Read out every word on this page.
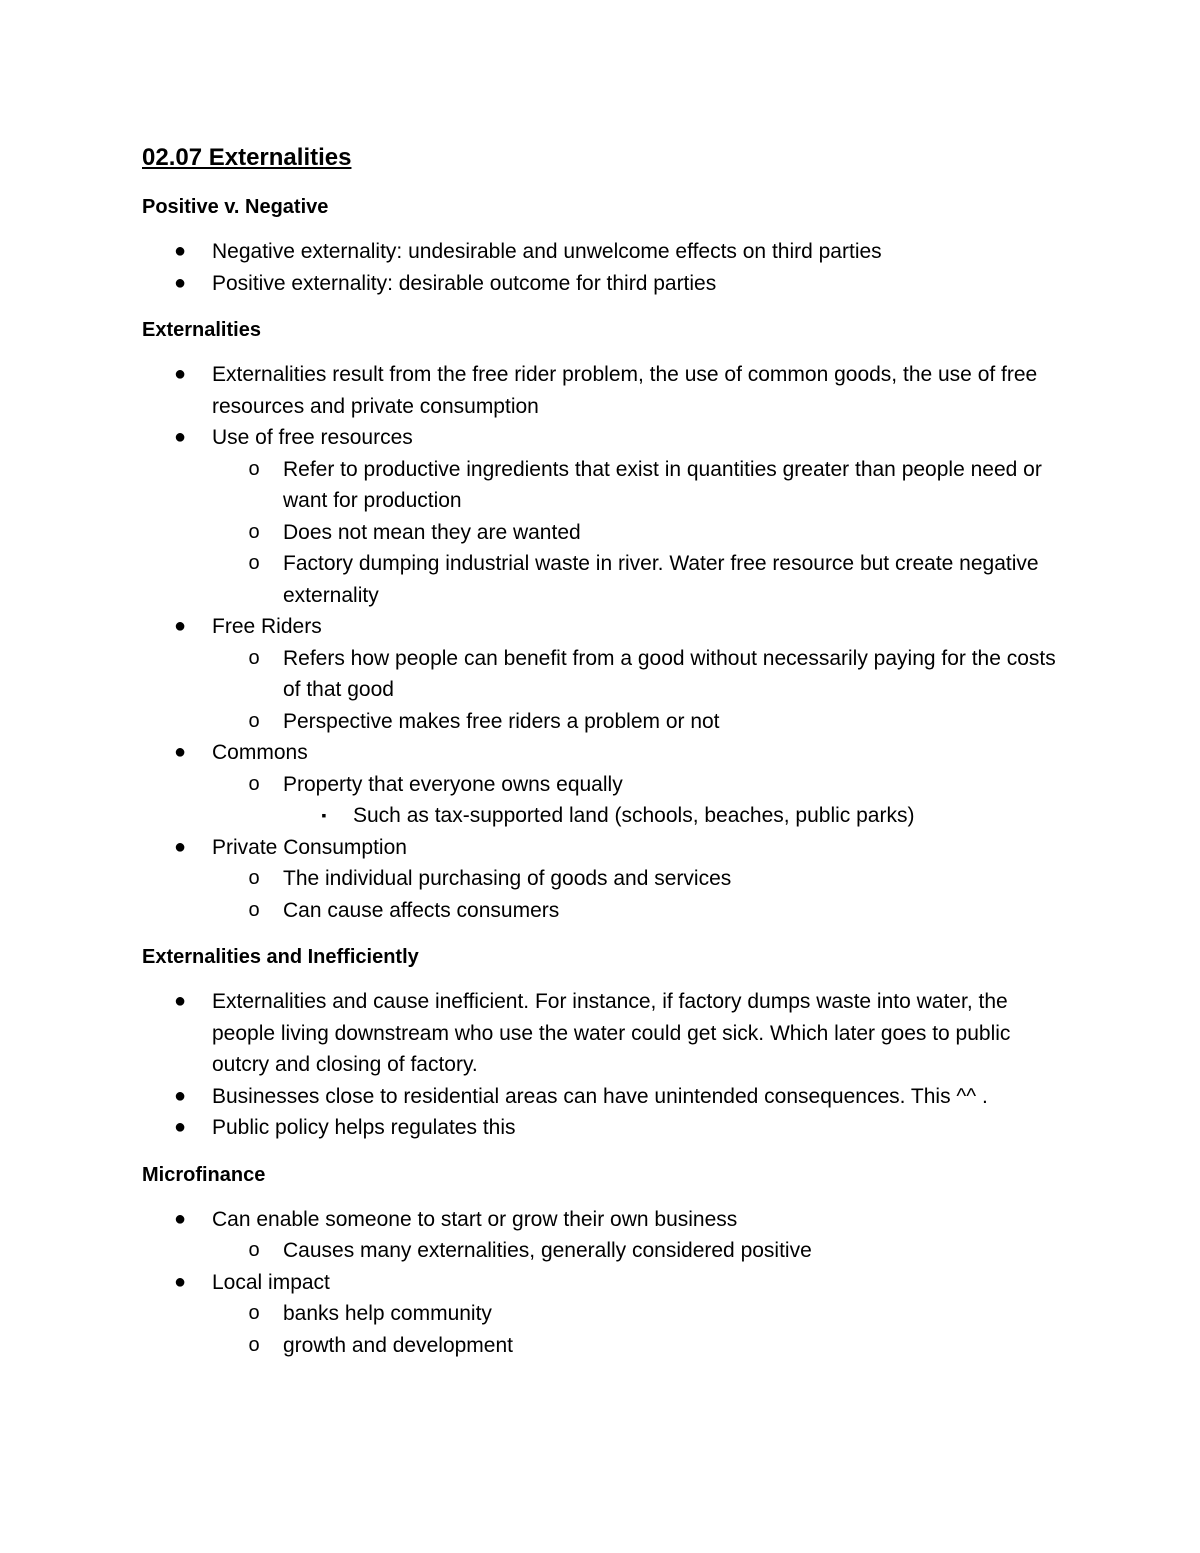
02.07 Externalities
Positive v. Negative
● Negative externality: undesirable and unwelcome effects on third parties
● Positive externality: desirable outcome for third parties
Externalities
● Externalities result from the free rider problem, the use of common goods, the use of free resources and private consumption
● Use of free resources
o Refer to productive ingredients that exist in quantities greater than people need or want for production
o Does not mean they are wanted
o Factory dumping industrial waste in river. Water free resource but create negative externality
● Free Riders
o Refers how people can benefit from a good without necessarily paying for the costs of that good
o Perspective makes free riders a problem or not
● Commons
o Property that everyone owns equally
▪	Such as tax-supported land (schools, beaches, public parks)
● Private Consumption
o The individual purchasing of goods and services
o Can cause affects consumers
Externalities and Inefficiently
● Externalities and cause inefficient. For instance, if factory dumps waste into water, the people living downstream who use the water could get sick. Which later goes to public outcry and closing of factory.
● Businesses close to residential areas can have unintended consequences. This ^^ .
● Public policy helps regulates this
Microfinance
● Can enable someone to start or grow their own business
o Causes many externalities, generally considered positive
● Local impact
o banks help community
o growth and development
